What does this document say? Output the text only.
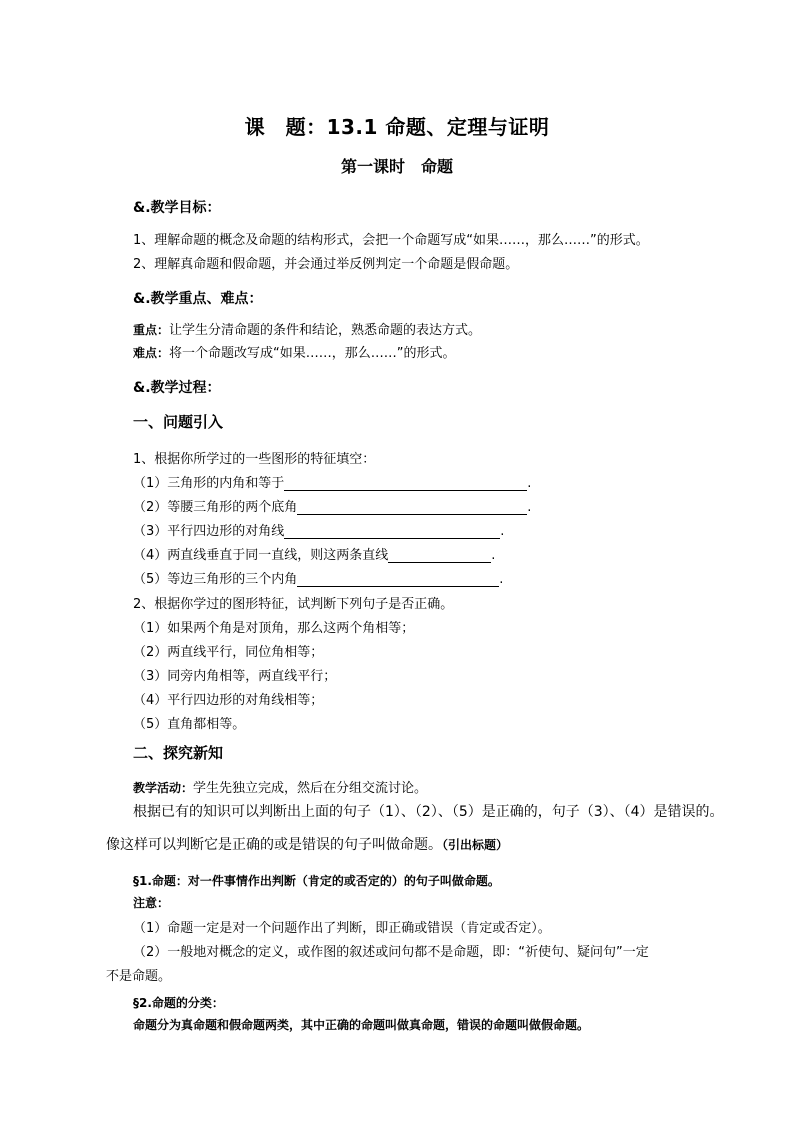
课　题：13.1 命题、定理与证明
第一课时　命题
&.教学目标：
1、理解命题的概念及命题的结构形式，会把一个命题写成“如果……，那么……”的形式。
2、理解真命题和假命题，并会通过举反例判定一个命题是假命题。
&.教学重点、难点：
重点：让学生分清命题的条件和结论，熟悉命题的表达方式。
难点：将一个命题改写成“如果……，那么……”的形式。
&.教学过程：
一、问题引入
1、根据你所学过的一些图形的特征填空：
（1）三角形的内角和等于	.
（2）等腰三角形的两个底角	.
（3）平行四边形的对角线	.
（4）两直线垂直于同一直线，则这两条直线	.
（5）等边三角形的三个内角	.
2、根据你学过的图形特征，试判断下列句子是否正确。
（1）如果两个角是对顶角，那么这两个角相等；
（2）两直线平行，同位角相等；
（3）同旁内角相等，两直线平行；
（4）平行四边形的对角线相等；
（5）直角都相等。
二、探究新知
教学活动：学生先独立完成，然后在分组交流讨论。
根据已有的知识可以判断出上面的句子（1）、（2）、（5）是正确的，句子（3）、（4）是错误的。
像这样可以判断它是正确的或是错误的句子叫做命题。（引出标题）
§1.命题：对一件事情作出判断（肯定的或否定的）的句子叫做命题。
注意：
（1）命题一定是对一个问题作出了判断，即正确或错误（肯定或否定）。
（2）一般地对概念的定义，或作图的叙述或问句都不是命题，即：“祈使句、疑问句”一定
不是命题。
§2.命题的分类：
命题分为真命题和假命题两类，其中正确的命题叫做真命题，错误的命题叫做假命题。
